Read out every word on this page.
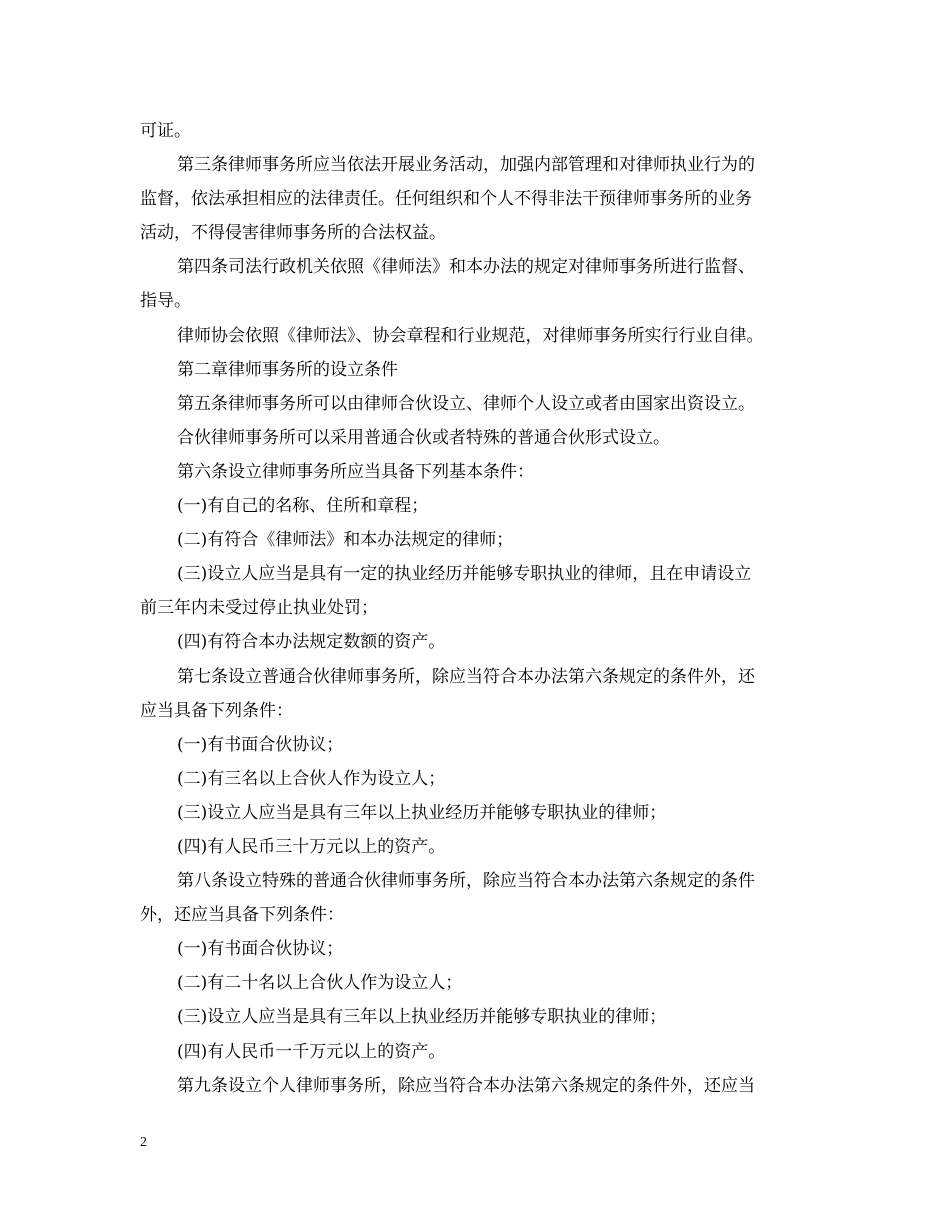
可证。

第三条律师事务所应当依法开展业务活动，加强内部管理和对律师执业行为的

监督，依法承担相应的法律责任。任何组织和个人不得非法干预律师事务所的业务

活动，不得侵害律师事务所的合法权益。

第四条司法行政机关依照《律师法》和本办法的规定对律师事务所进行监督、

指导。

律师协会依照《律师法》、协会章程和行业规范，对律师事务所实行行业自律。

第二章律师事务所的设立条件

第五条律师事务所可以由律师合伙设立、律师个人设立或者由国家出资设立。

合伙律师事务所可以采用普通合伙或者特殊的普通合伙形式设立。

第六条设立律师事务所应当具备下列基本条件：

(一)有自己的名称、住所和章程；

(二)有符合《律师法》和本办法规定的律师；

(三)设立人应当是具有一定的执业经历并能够专职执业的律师，且在申请设立

前三年内未受过停止执业处罚；

(四)有符合本办法规定数额的资产。

第七条设立普通合伙律师事务所，除应当符合本办法第六条规定的条件外，还

应当具备下列条件：

(一)有书面合伙协议；

(二)有三名以上合伙人作为设立人；

(三)设立人应当是具有三年以上执业经历并能够专职执业的律师；

(四)有人民币三十万元以上的资产。

第八条设立特殊的普通合伙律师事务所，除应当符合本办法第六条规定的条件

外，还应当具备下列条件：

(一)有书面合伙协议；

(二)有二十名以上合伙人作为设立人；

(三)设立人应当是具有三年以上执业经历并能够专职执业的律师；

(四)有人民币一千万元以上的资产。

第九条设立个人律师事务所，除应当符合本办法第六条规定的条件外，还应当

2
